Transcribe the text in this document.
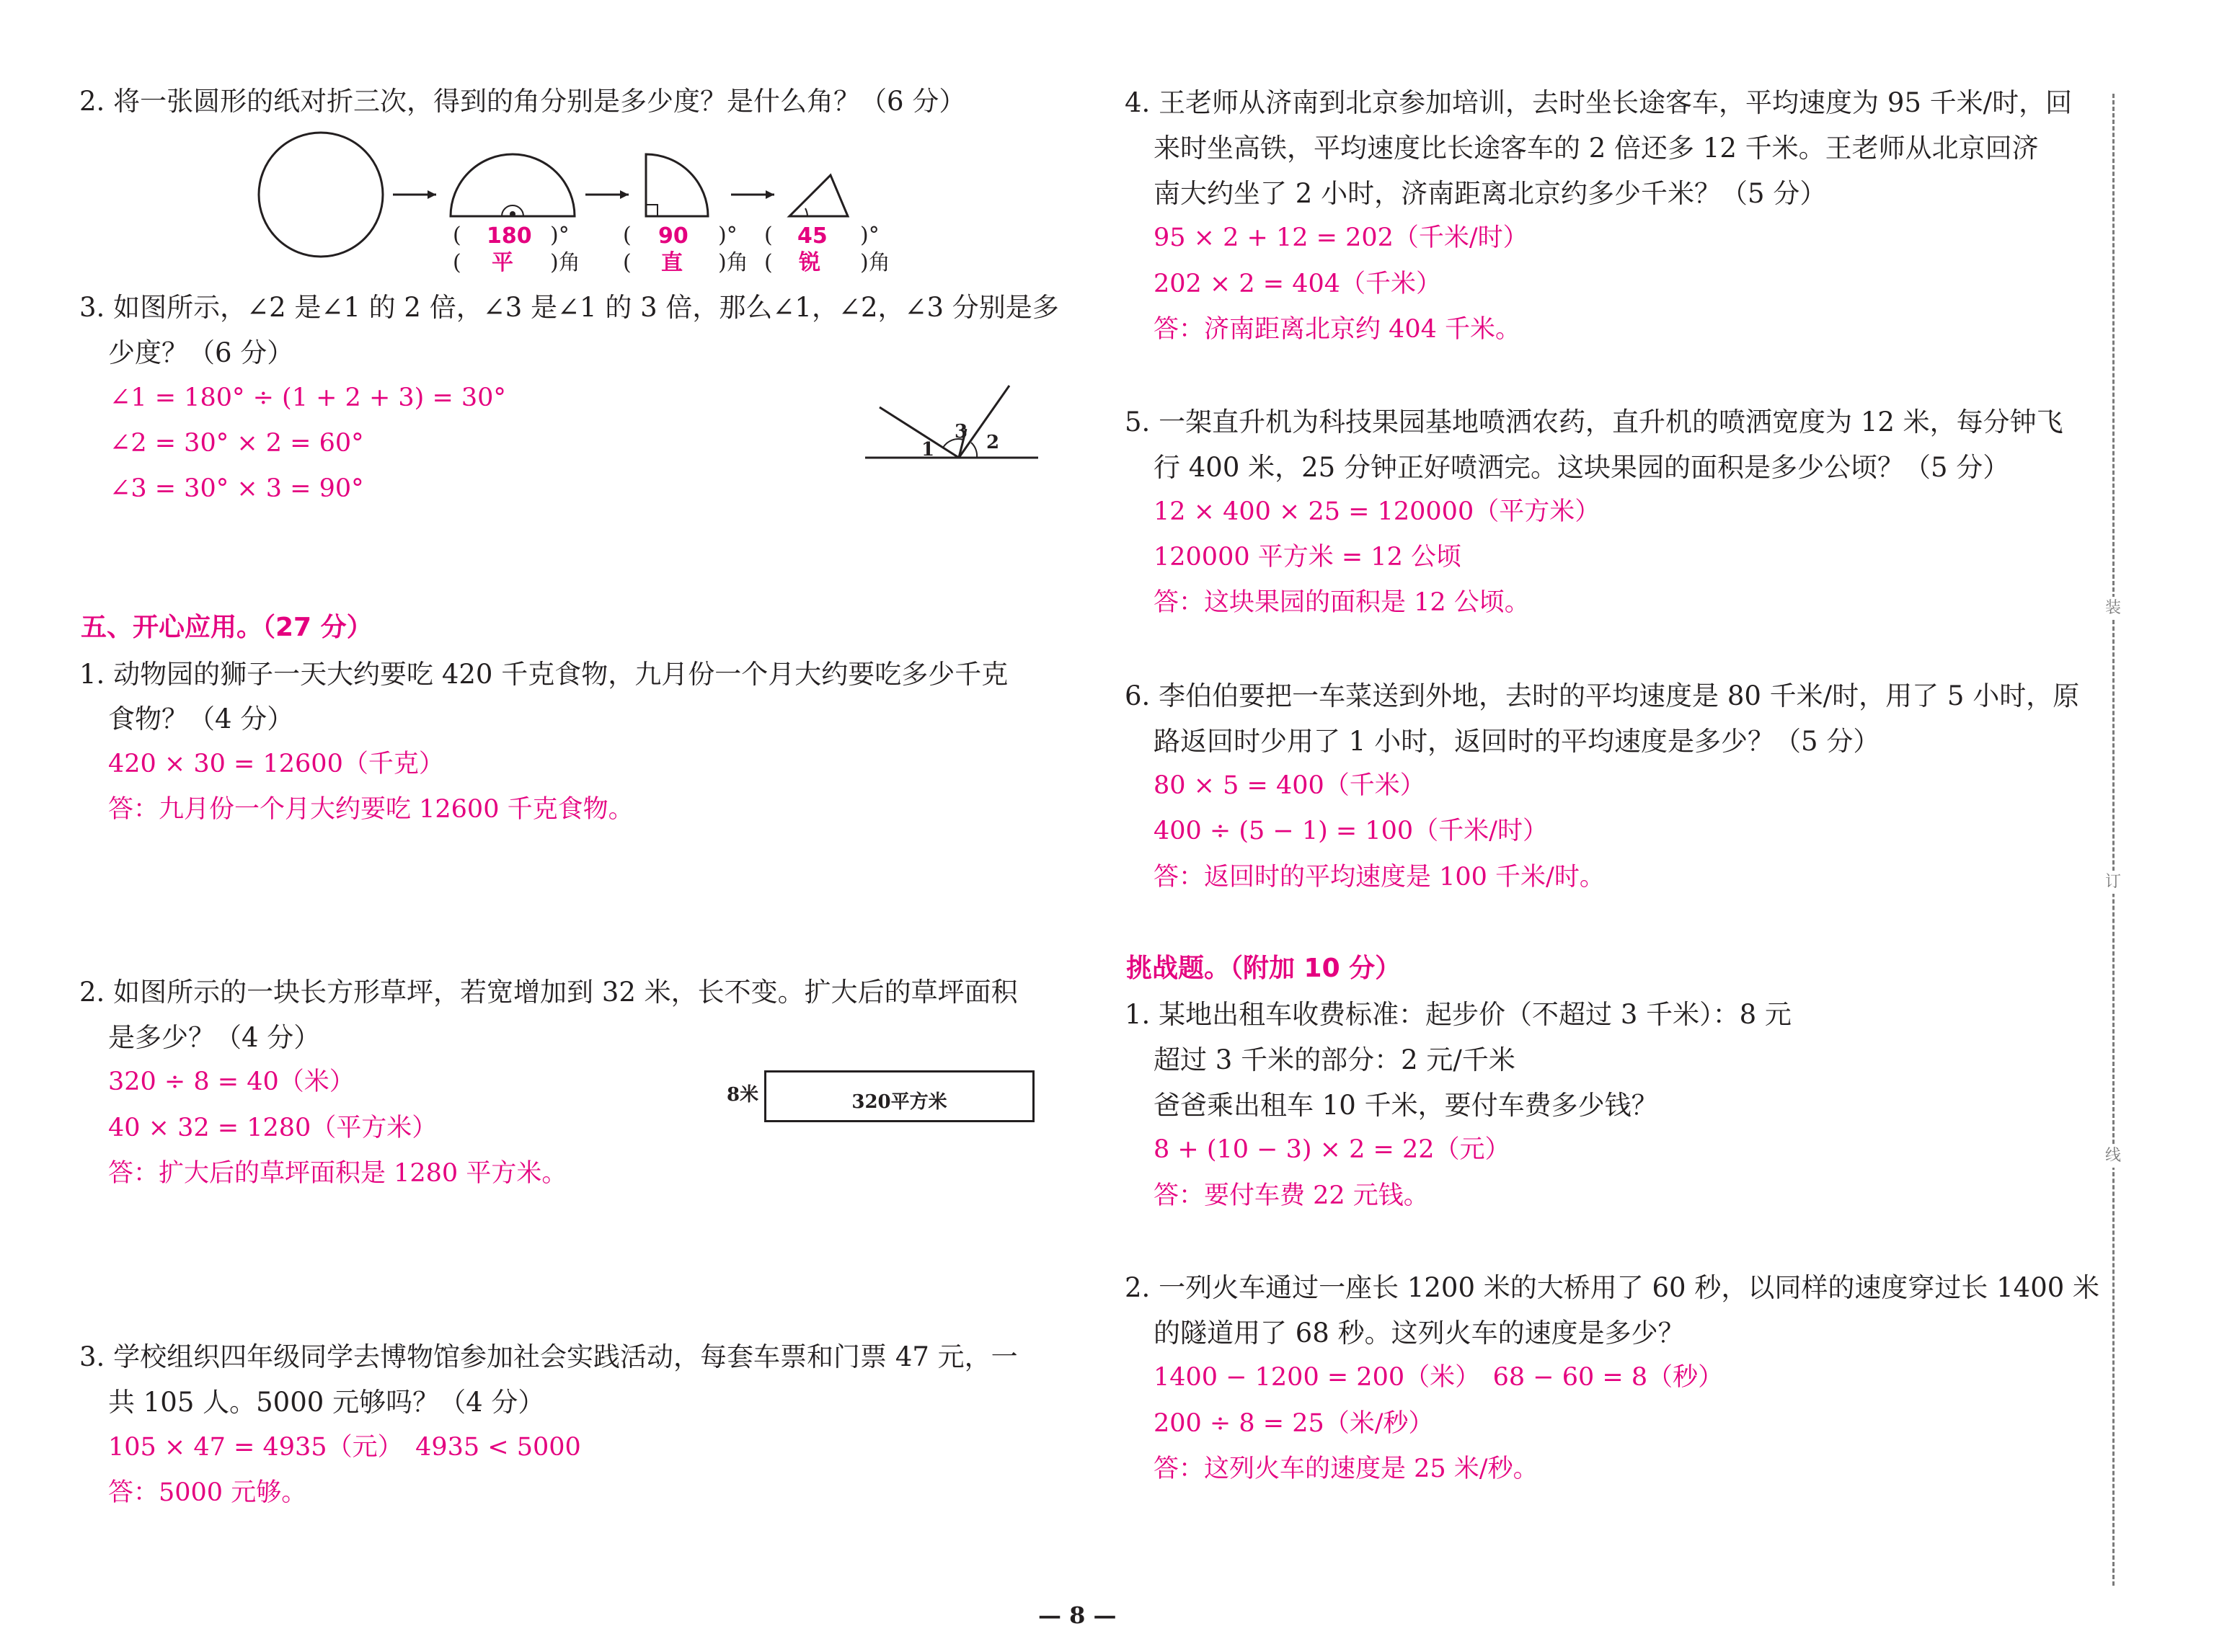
2. 将一张圆形的纸对折三次，得到的角分别是多少度？是什么角？（6 分）
( 180 )° ( 90 )° ( 45 )°
( 平 )角 ( 直 )角 ( 锐 )角
3. 如图所示，∠2 是∠1 的 2 倍，∠3 是∠1 的 3 倍，那么∠1，∠2，∠3 分别是多
少度？（6 分）
∠1 = 180° ÷ (1 + 2 + 3) = 30°
∠2 = 30° × 2 = 60°
∠3 = 30° × 3 = 90°
1
3 2
五、开心应用。（27 分）
1. 动物园的狮子一天大约要吃 420 千克食物，九月份一个月大约要吃多少千克
食物？（4 分）
420 × 30 = 12600（千克）
答：九月份一个月大约要吃 12600 千克食物。
2. 如图所示的一块长方形草坪，若宽增加到 32 米，长不变。扩大后的草坪面积
是多少？（4 分）
320 ÷ 8 = 40（米）
40 × 32 = 1280（平方米）
答：扩大后的草坪面积是 1280 平方米。
8米	320平方米
3. 学校组织四年级同学去博物馆参加社会实践活动，每套车票和门票 47 元，一
共 105 人。5000 元够吗？（4 分）
105 × 47 = 4935（元）　4935 < 5000
答：5000 元够。
4. 王老师从济南到北京参加培训，去时坐长途客车，平均速度为 95 千米/时，回
来时坐高铁，平均速度比长途客车的 2 倍还多 12 千米。王老师从北京回济
南大约坐了 2 小时，济南距离北京约多少千米？（5 分）
95 × 2 + 12 = 202（千米/时）
202 × 2 = 404（千米）
答：济南距离北京约 404 千米。
5. 一架直升机为科技果园基地喷洒农药，直升机的喷洒宽度为 12 米，每分钟飞
行 400 米，25 分钟正好喷洒完。这块果园的面积是多少公顷？（5 分）
12 × 400 × 25 = 120000（平方米）
120000 平方米 = 12 公顷
答：这块果园的面积是 12 公顷。
6. 李伯伯要把一车菜送到外地，去时的平均速度是 80 千米/时，用了 5 小时，原
路返回时少用了 1 小时，返回时的平均速度是多少？（5 分）
80 × 5 = 400（千米）
400 ÷ (5 − 1) = 100（千米/时）
答：返回时的平均速度是 100 千米/时。
挑战题。（附加 10 分）
1. 某地出租车收费标准：起步价（不超过 3 千米）：8 元
超过 3 千米的部分：2 元/千米
爸爸乘出租车 10 千米，要付车费多少钱？
8 + (10 − 3) × 2 = 22（元）
答：要付车费 22 元钱。
2. 一列火车通过一座长 1200 米的大桥用了 60 秒，以同样的速度穿过长 1400 米
的隧道用了 68 秒。这列火车的速度是多少？
1400 − 1200 = 200（米）　68 − 60 = 8（秒）
200 ÷ 8 = 25（米/秒）
答：这列火车的速度是 25 米/秒。
装
订
线
— 8 —
